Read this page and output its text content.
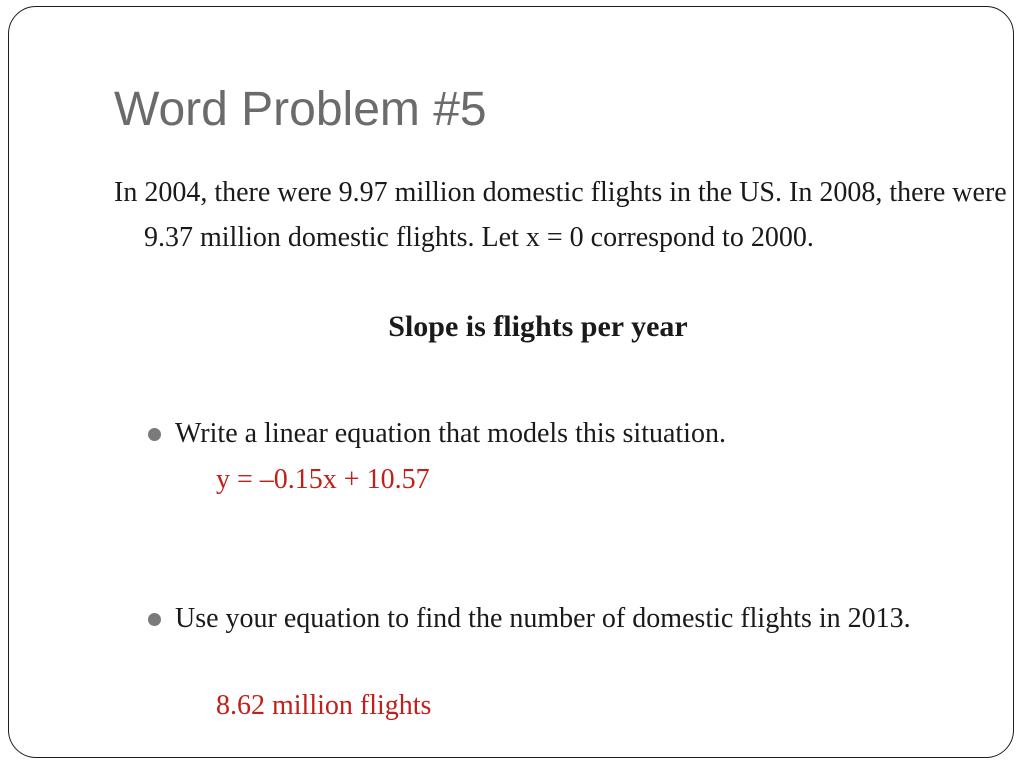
Word Problem #5

In 2004, there were 9.97 million domestic flights in the US. In 2008, there were 9.37 million domestic flights. Let x = 0 correspond to 2000.

Slope is flights per year

Write a linear equation that models this situation.

y = –0.15x + 10.57

Use your equation to find the number of domestic flights in 2013.

8.62 million flights
